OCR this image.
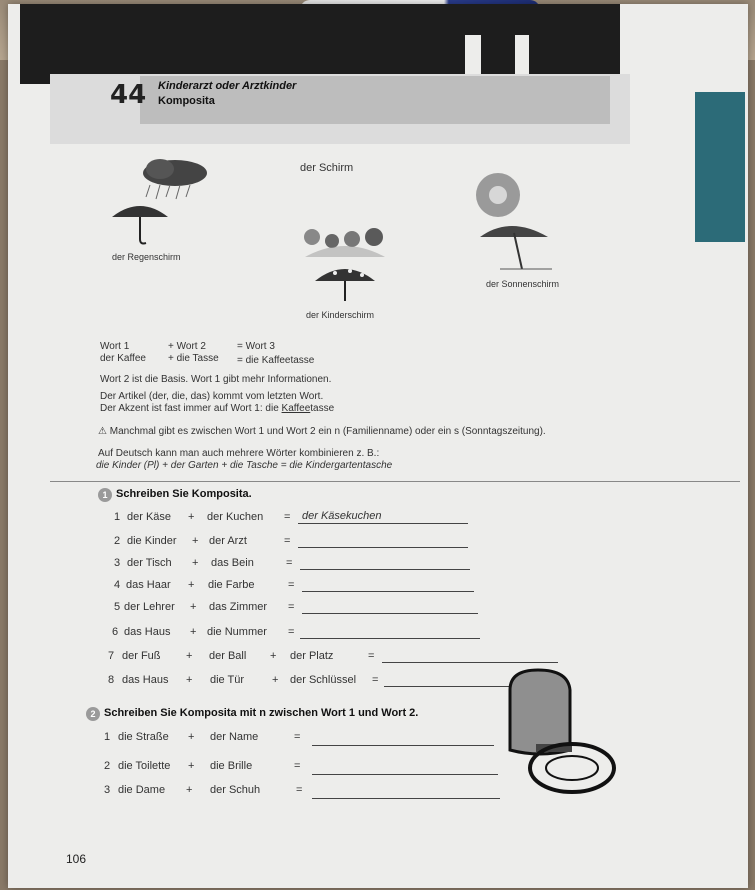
44 Kinderarzt oder Arztkinder
Komposita
der Schirm
der Regenschirm
der Sonnenschirm
der Kinderschirm
Wort 1	+ Wort 2	= Wort 3
der Kaffee + die Tasse = die Kaffeetasse
Wort 2 ist die Basis. Wort 1 gibt mehr Informationen.
Der Artikel (der, die, das) kommt vom letzten Wort.
Der Akzent ist fast immer auf Wort 1: die Kaffeetasse
⚠ Manchmal gibt es zwischen Wort 1 und Wort 2 ein n (Familienname) oder ein s (Sonntagszeitung).
Auf Deutsch kann man auch mehrere Wörter kombinieren z. B.:
die Kinder (Pl) + der Garten + die Tasche = die Kindergartentasche
1 Schreiben Sie Komposita.
1 der Käse + der Kuchen = der Käsekuchen
2 die Kinder + der Arzt	=
3 der Tisch + das Bein	=
4 das Haar + die Farbe	=
5 der Lehrer + das Zimmer =
6 das Haus + die Nummer =
7 der Fuß + der Ball + der Platz	=
8 das Haus + die Tür	+ der Schlüssel =
2 Schreiben Sie Komposita mit n zwischen Wort 1 und Wort 2.
1 die Straße + der Name	=
2 die Toilette + die Brille	=
3 die Dame + der Schuh	=
106
